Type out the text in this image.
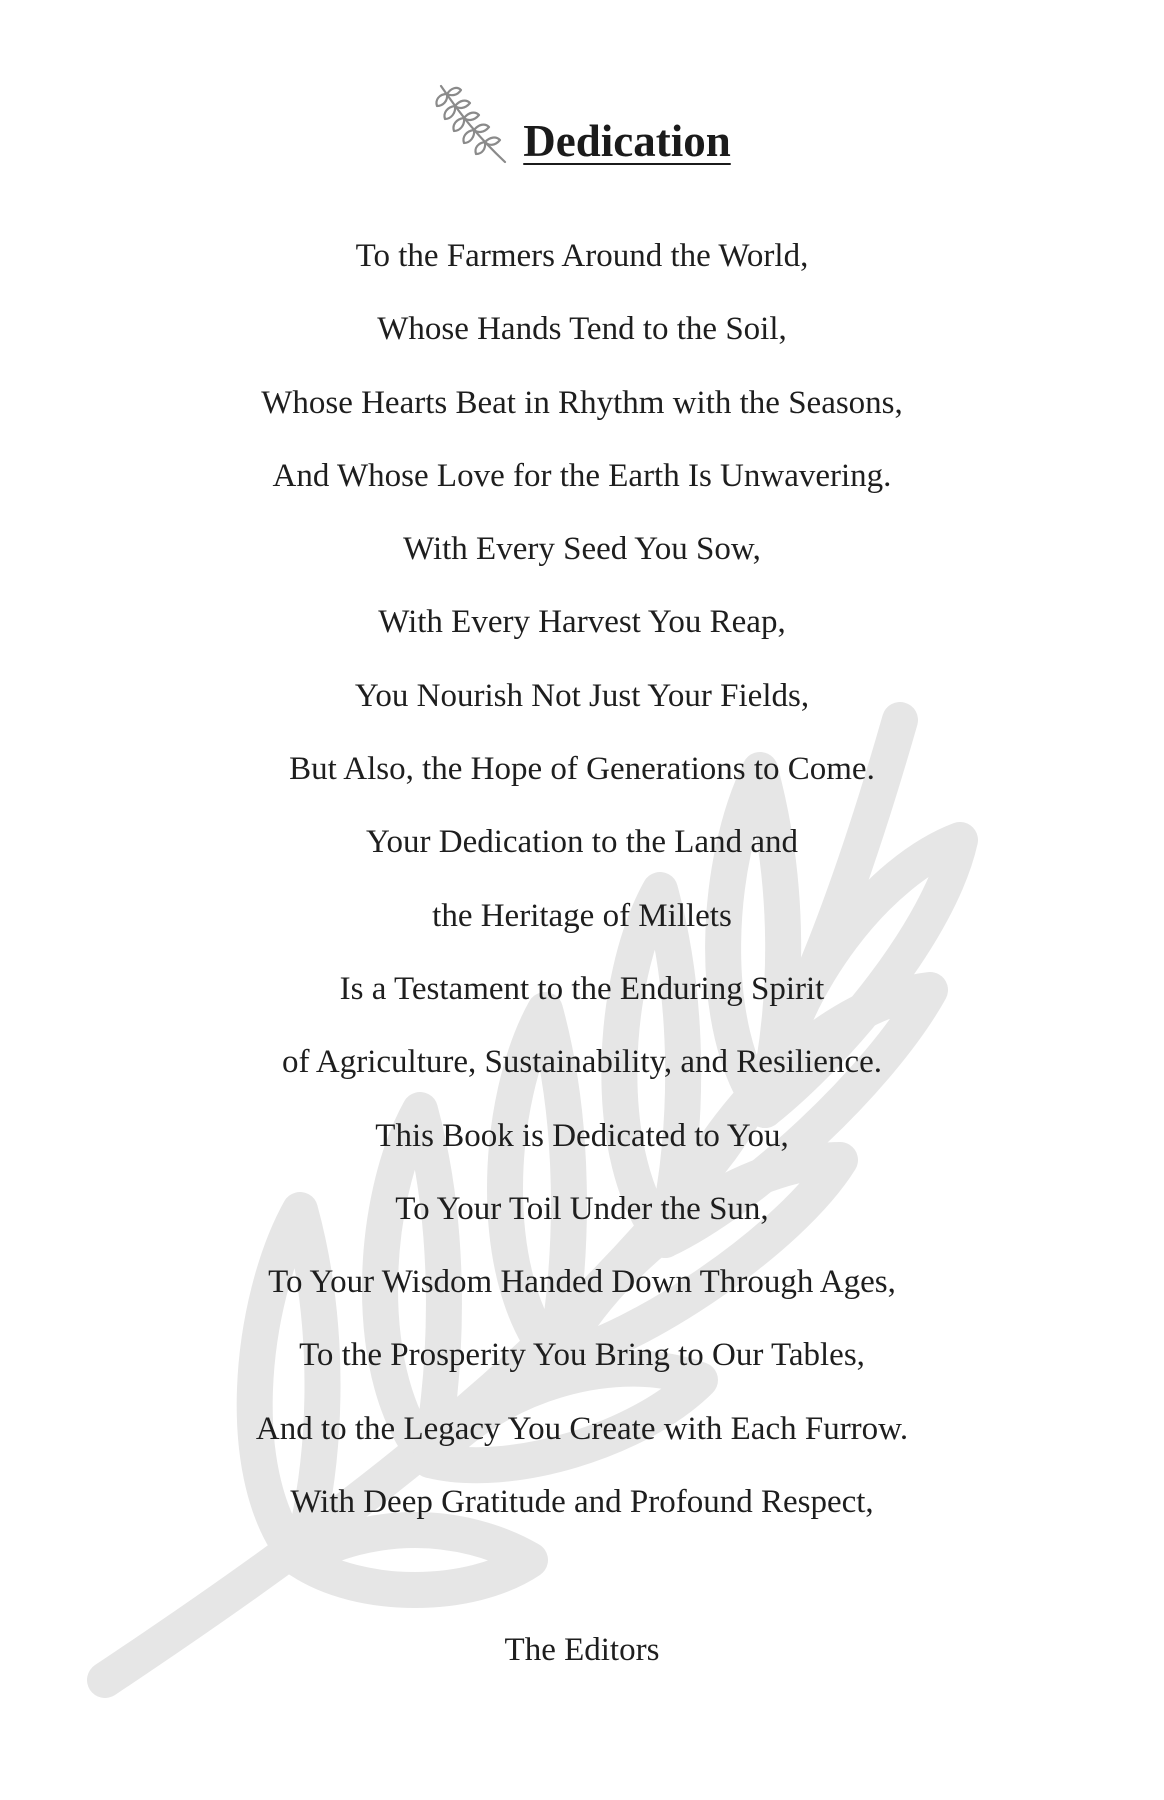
Dedication
To the Farmers Around the World,
Whose Hands Tend to the Soil,
Whose Hearts Beat in Rhythm with the Seasons,
And Whose Love for the Earth Is Unwavering.
With Every Seed You Sow,
With Every Harvest You Reap,
You Nourish Not Just Your Fields,
But Also, the Hope of Generations to Come.
Your Dedication to the Land and
the Heritage of Millets
Is a Testament to the Enduring Spirit
of Agriculture, Sustainability, and Resilience.
This Book is Dedicated to You,
To Your Toil Under the Sun,
To Your Wisdom Handed Down Through Ages,
To the Prosperity You Bring to Our Tables,
And to the Legacy You Create with Each Furrow.
With Deep Gratitude and Profound Respect,
The Editors
